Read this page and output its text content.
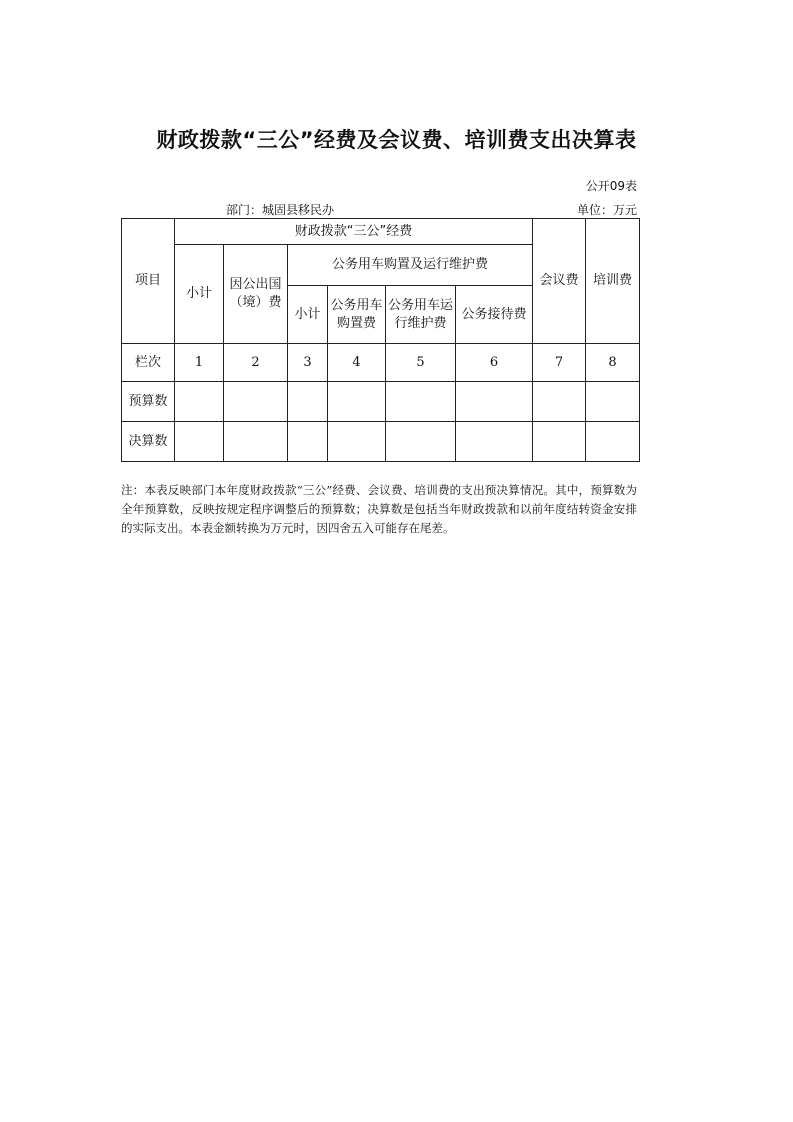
财政拨款“三公”经费及会议费、培训费支出决算表
公开09表
部门：城固县移民办	单位：万元
项目	财政拨款“三公”经费						会议费	培训费
	小计	因公出国（境）费	公务用车购置及运行维护费					
			小计	公务用车购置费	公务用车运行维护费	公务接待费		

栏次	1	2	3	4	5	6	7	8
预算数								
决算数								
注：本表反映部门本年度财政拨款“三公”经费、会议费、培训费的支出预决算情况。其中，预算数为全年预算数，反映按规定程序调整后的预算数；决算数是包括当年财政拨款和以前年度结转资金安排的实际支出。本表金额转换为万元时，因四舍五入可能存在尾差。
